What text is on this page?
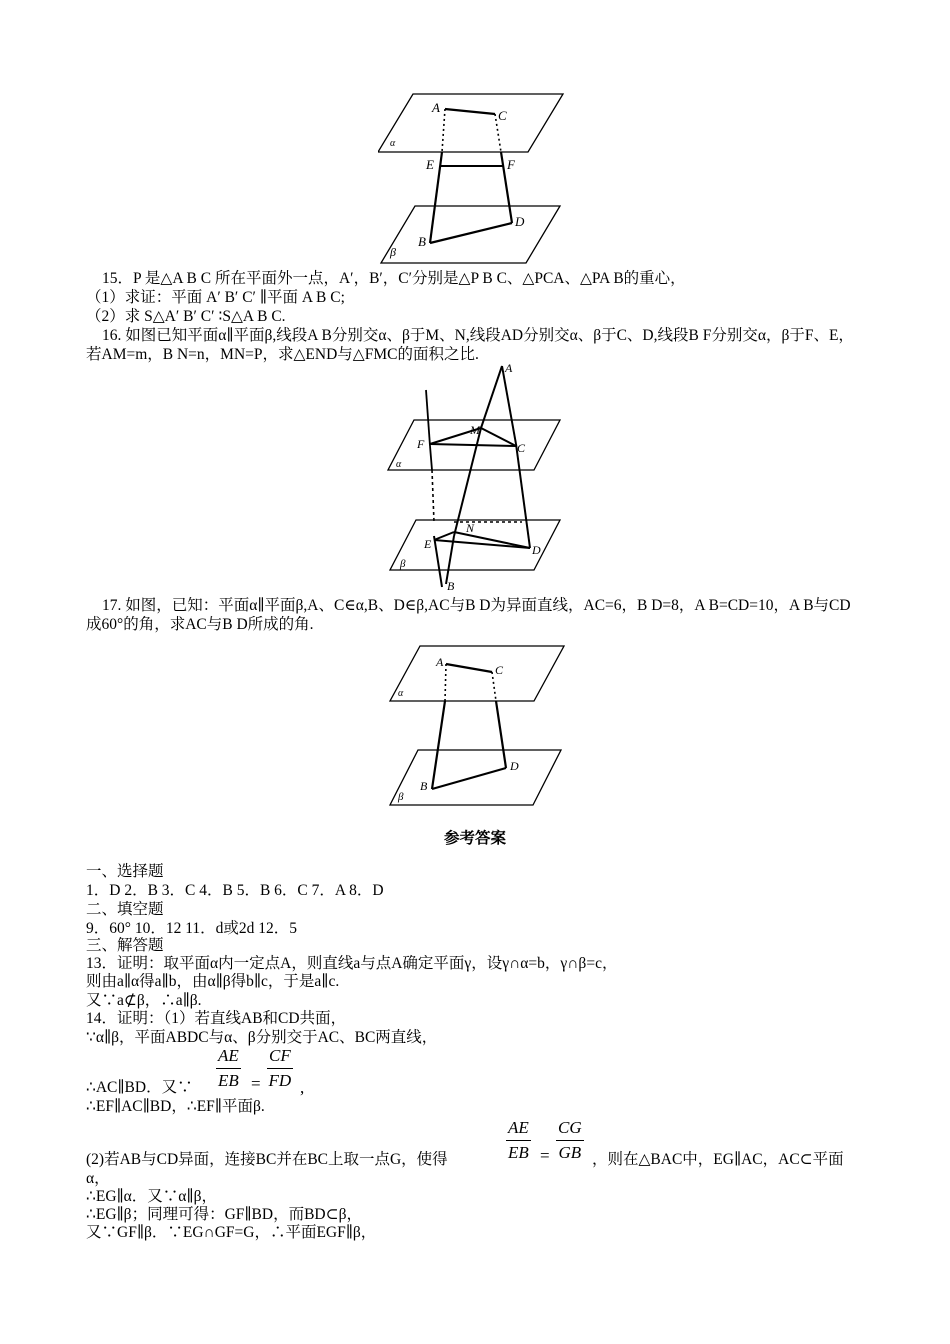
A
C
α
E	F
B
D
β
15．P 是△A B C 所在平面外一点，A′，B′，C′分别是△P B C、△PCA、△PA B的重心，
（1）求证：平面 A′ B′ C′ ∥平面 A B C;
（2）求 S△A′ B′ C′ ∶S△A B C.
16. 如图已知平面α∥平面β,线段A B分别交α、β于M、N,线段AD分别交α、β于C、D,线段B F分别交α，β于F、E，若AM=m，B N=n，MN=P，求△END与△FMC的面积之比.
A
M
F	C
α
N
E	D
β
B
17. 如图，已知：平面α∥平面β,A、C∈α,B、D∈β,AC与B D为异面直线，AC=6，B D=8，A B=CD=10，A B与CD成60°的角，求AC与B D所成的角.
A
C
α
B
D
β
参考答案
一、选择题
1．D 2．B 3．C 4．B 5．B 6．C 7．A 8．D
二、填空题
9．60° 10．12 11．d或2d 12．5
三、解答题
13．证明：取平面α内一定点A，则直线a与点A确定平面γ，设γ∩α=b，γ∩β=c，
则由a∥α得a∥b，由α∥β得b∥c，于是a∥c.
又∵a⊄β，∴a∥β.
14．证明：（1）若直线AB和CD共面，
∵α∥β，平面ABDC与α、β分别交于AC、BC两直线，
$\frac{AE}{EB} = \frac{CF}{FD}$
∴AC∥BD．又∵	,
∴EF∥AC∥BD，∴EF∥平面β.
$\frac{AE}{EB} = \frac{CG}{GB}$
(2)若AB与CD异面，连接BC并在BC上取一点G，使得	，则在△BAC中，EG∥AC，AC⊂平面
α，
∴EG∥α．又∵α∥β，
∴EG∥β；同理可得：GF∥BD，而BD⊂β，
又∵GF∥β．∵EG∩GF=G，∴平面EGF∥β，
